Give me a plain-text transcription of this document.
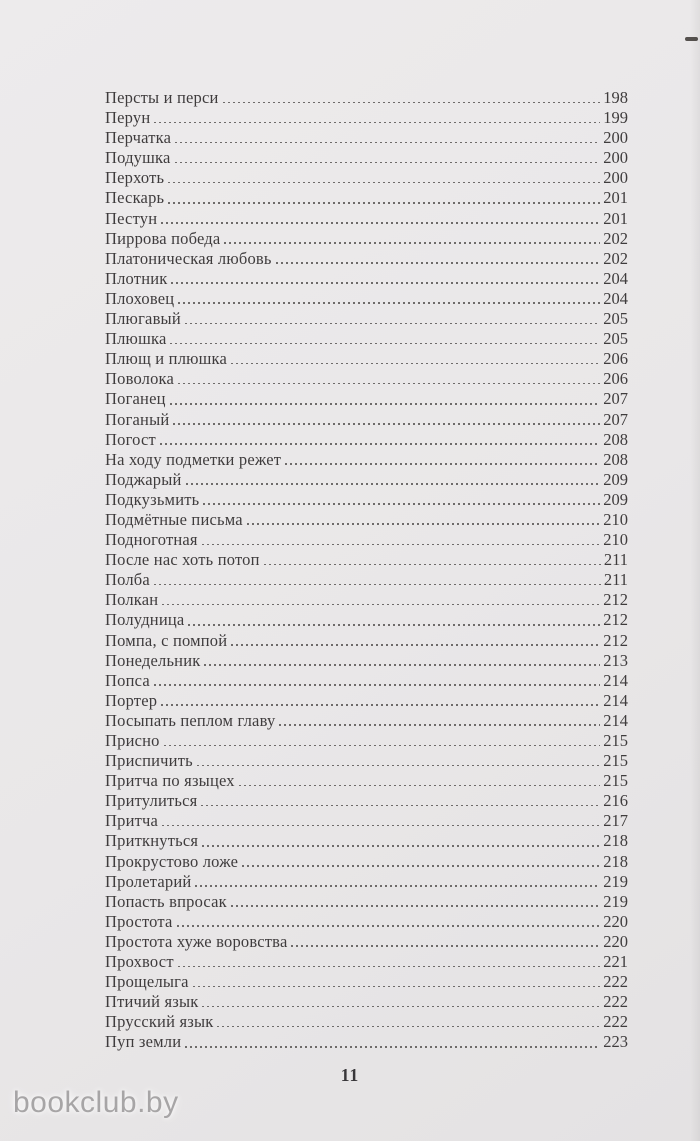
Персты и перси	198
Перун	199
Перчатка	200
Подушка	200
Перхоть	200
Пескарь	201
Пестун	201
Пиррова победа	202
Платоническая любовь	202
Плотник	204
Плоховец	204
Плюгавый	205
Плюшка	205
Плющ и плюшка	206
Поволока	206
Поганец	207
Поганый	207
Погост	208
На ходу подметки режет	208
Поджарый	209
Подкузьмить	209
Подмётные письма	210
Подноготная	210
После нас хоть потоп	211
Полба	211
Полкан	212
Полудница	212
Помпа, с помпой	212
Понедельник	213
Попса	214
Портер	214
Посыпать пеплом главу	214
Присно	215
Приспичить	215
Притча по языцех	215
Притулиться	216
Притча	217
Приткнуться	218
Прокрустово ложе	218
Пролетарий	219
Попасть впросак	219
Простота	220
Простота хуже воровства	220
Прохвост	221
Прощелыга	222
Птичий язык	222
Прусский язык	222
Пуп земли	223
11
bookclub.by
